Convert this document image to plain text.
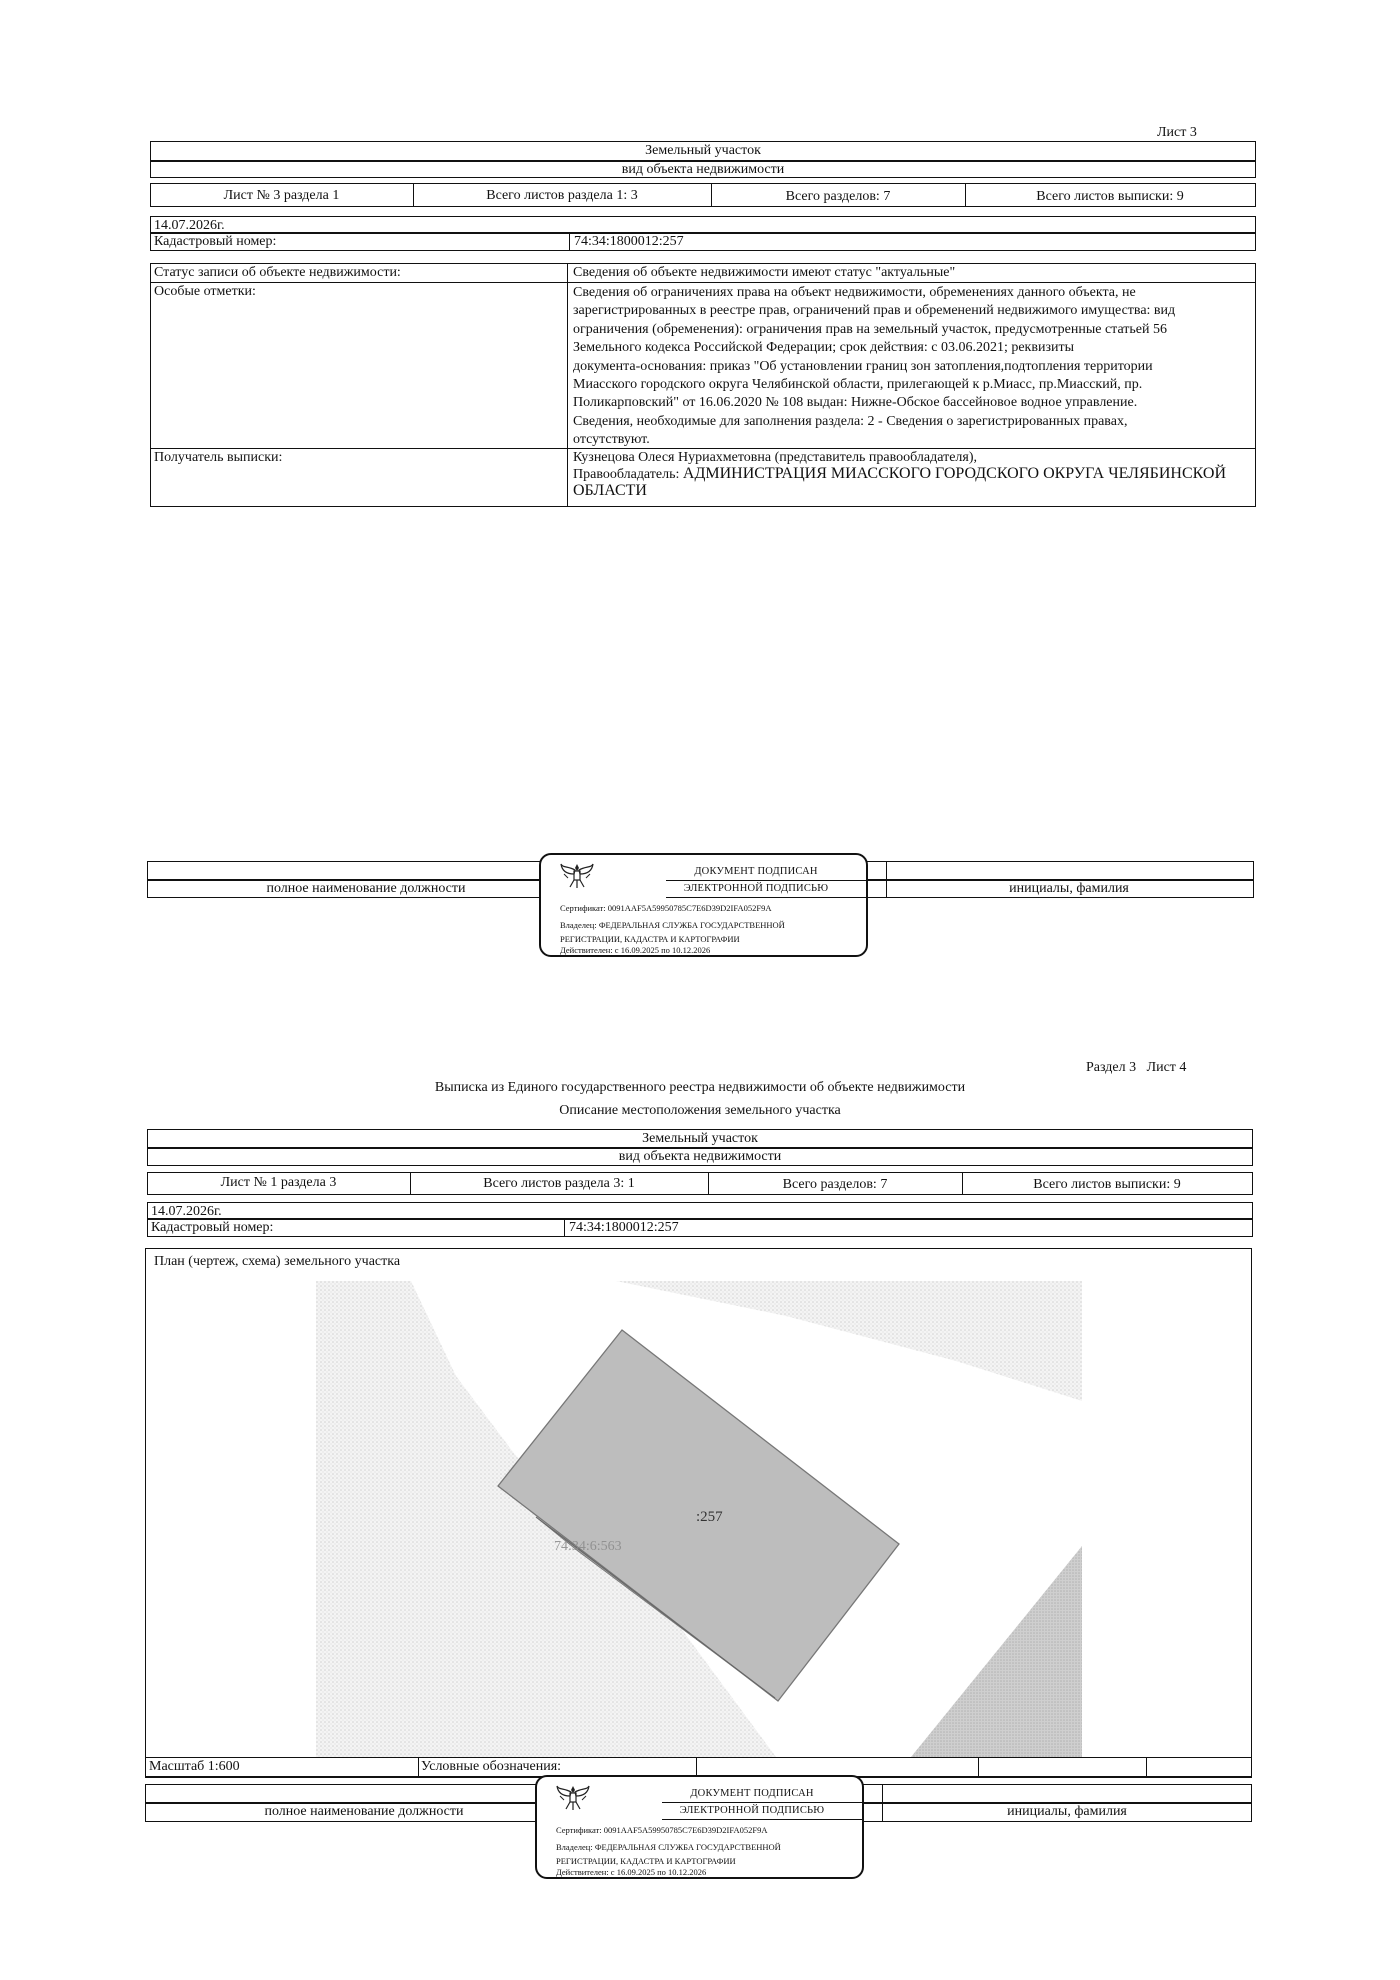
Лист 3
Земельный участок
вид объекта недвижимости
Лист № 3 раздела 1	Всего листов раздела 1: 3	Всего разделов: 7	Всего листов выписки: 9
14.07.2026г.
Кадастровый номер:	74:34:1800012:257
Статус записи об объекте недвижимости:	Сведения об объекте недвижимости имеют статус "актуальные"
Особые отметки:	Сведения об ограничениях права на объект недвижимости, обременениях данного объекта, не
зарегистрированных в реестре прав, ограничений прав и обременений недвижимого имущества: вид
ограничения (обременения): ограничения прав на земельный участок, предусмотренные статьей 56
Земельного кодекса Российской Федерации; срок действия: с 03.06.2021; реквизиты
документа-основания: приказ "Об установлении границ зон затопления,подтопления территории
Миасского городского округа Челябинской области, прилегающей к р.Миасс, пр.Миасский, пр.
Поликарповский" от 16.06.2020 № 108 выдан: Нижне-Обское бассейновое водное управление.
Сведения, необходимые для заполнения раздела: 2 - Сведения о зарегистрированных правах,
отсутствуют.
Получатель выписки:	Кузнецова Олеся Нуриахметовна (представитель правообладателя),
Правообладатель: АДМИНИСТРАЦИЯ МИАССКОГО ГОРОДСКОГО ОКРУГА ЧЕЛЯБИНСКОЙ
ОБЛАСТИ
полное наименование должности	инициалы, фамилия
ДОКУМЕНТ ПОДПИСАН
ЭЛЕКТРОННОЙ ПОДПИСЬЮ
Сертификат: 0091AAF5A59950785C7E6D39D2IFA052F9A
Владелец: ФЕДЕРАЛЬНАЯ СЛУЖБА ГОСУДАРСТВЕННОЙ
РЕГИСТРАЦИИ, КАДАСТРА И КАРТОГРАФИИ
Действителен: с 16.09.2025 по 10.12.2026
Раздел 3   Лист 4
Выписка из Единого государственного реестра недвижимости об объекте недвижимости
Описание местоположения земельного участка
Земельный участок
вид объекта недвижимости
Лист № 1 раздела 3	Всего листов раздела 3: 1	Всего разделов: 7	Всего листов выписки: 9
14.07.2026г.
Кадастровый номер:	74:34:1800012:257
План (чертеж, схема) земельного участка
:257
74:34:6:563
Масштаб 1:600	Условные обозначения:
полное наименование должности	инициалы, фамилия
ДОКУМЕНТ ПОДПИСАН
ЭЛЕКТРОННОЙ ПОДПИСЬЮ
Сертификат: 0091AAF5A59950785C7E6D39D2IFA052F9A
Владелец: ФЕДЕРАЛЬНАЯ СЛУЖБА ГОСУДАРСТВЕННОЙ
РЕГИСТРАЦИИ, КАДАСТРА И КАРТОГРАФИИ
Действителен: с 16.09.2025 по 10.12.2026
